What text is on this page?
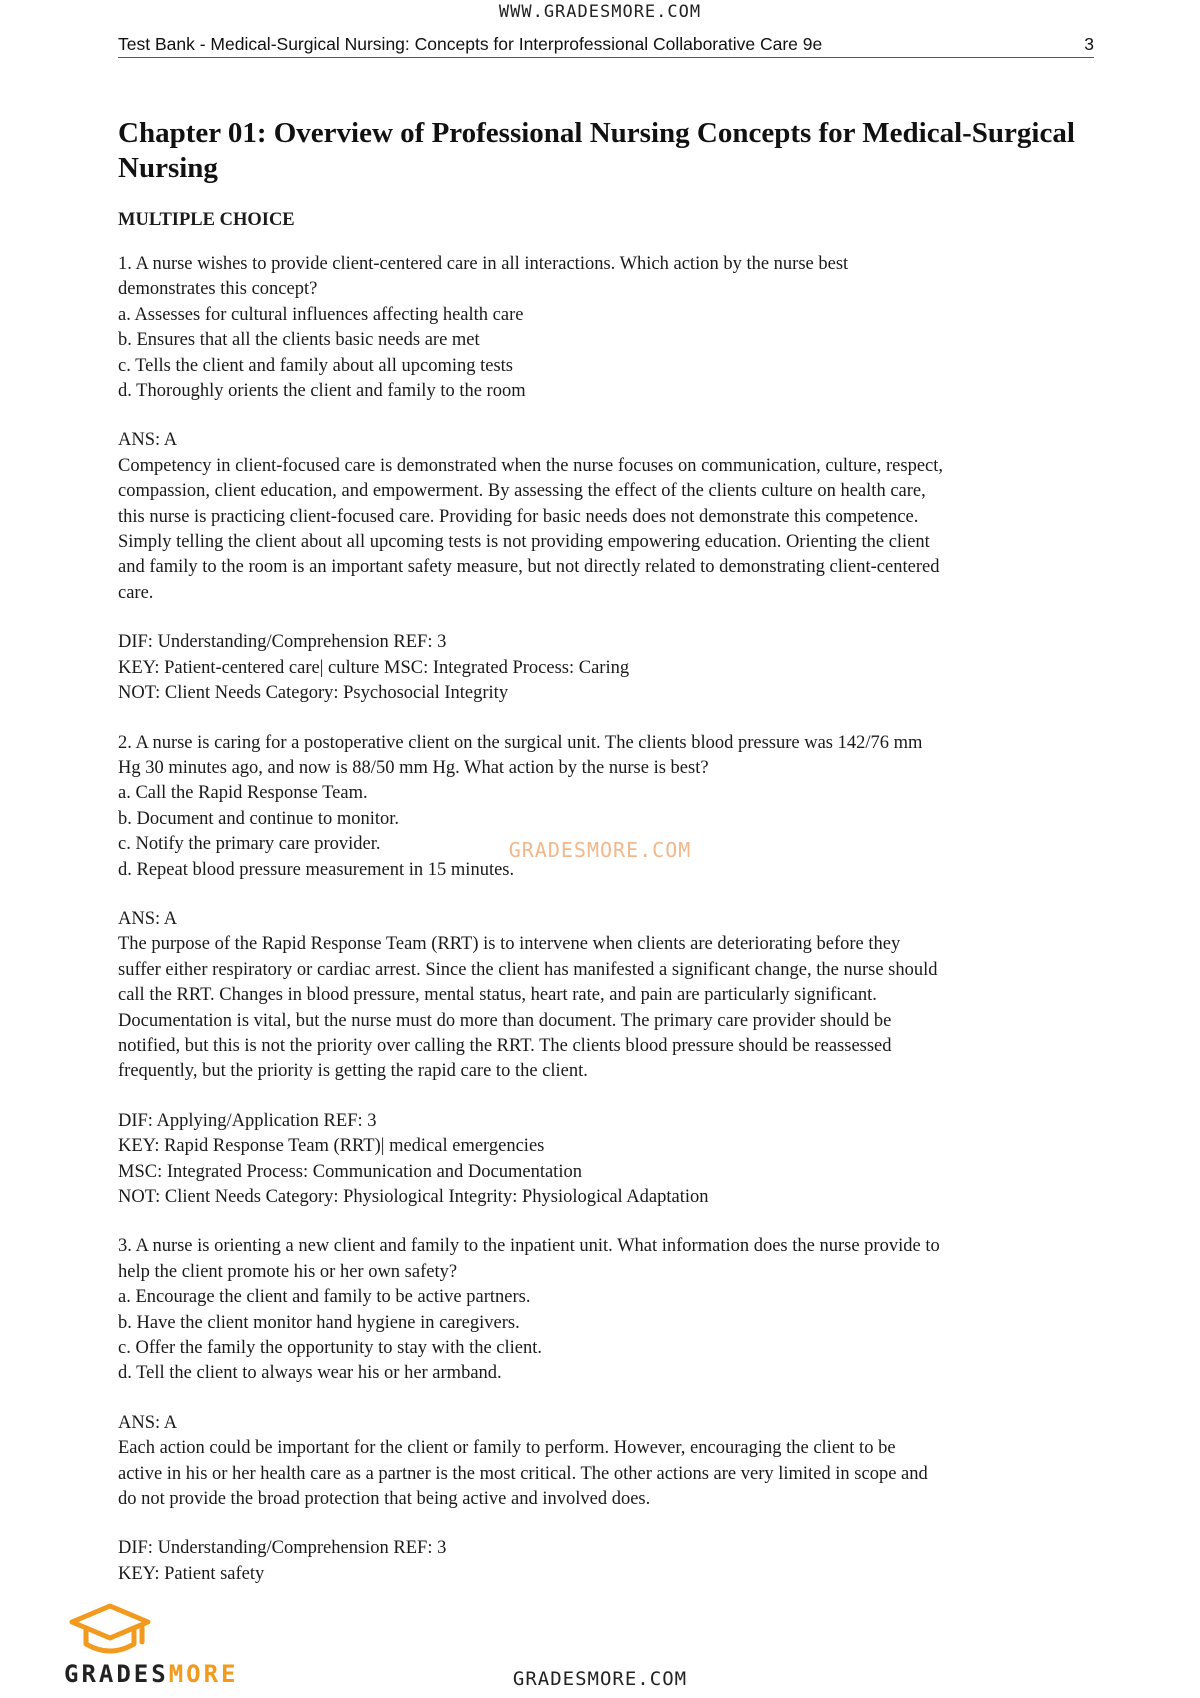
WWW.GRADESMORE.COM
Test Bank - Medical-Surgical Nursing: Concepts for Interprofessional Collaborative Care 9e	3
Chapter 01: Overview of Professional Nursing Concepts for Medical-Surgical Nursing
MULTIPLE CHOICE
1. A nurse wishes to provide client-centered care in all interactions. Which action by the nurse best
demonstrates this concept?
a. Assesses for cultural influences affecting health care
b. Ensures that all the clients basic needs are met
c. Tells the client and family about all upcoming tests
d. Thoroughly orients the client and family to the room
ANS: A
Competency in client-focused care is demonstrated when the nurse focuses on communication, culture, respect,
compassion, client education, and empowerment. By assessing the effect of the clients culture on health care,
this nurse is practicing client-focused care. Providing for basic needs does not demonstrate this competence.
Simply telling the client about all upcoming tests is not providing empowering education. Orienting the client
and family to the room is an important safety measure, but not directly related to demonstrating client-centered
care.
DIF: Understanding/Comprehension REF: 3
KEY: Patient-centered care| culture MSC: Integrated Process: Caring
NOT: Client Needs Category: Psychosocial Integrity
2. A nurse is caring for a postoperative client on the surgical unit. The clients blood pressure was 142/76 mm
Hg 30 minutes ago, and now is 88/50 mm Hg. What action by the nurse is best?
a. Call the Rapid Response Team.
b. Document and continue to monitor.
c. Notify the primary care provider.
d. Repeat blood pressure measurement in 15 minutes.
ANS: A
The purpose of the Rapid Response Team (RRT) is to intervene when clients are deteriorating before they
suffer either respiratory or cardiac arrest. Since the client has manifested a significant change, the nurse should
call the RRT. Changes in blood pressure, mental status, heart rate, and pain are particularly significant.
Documentation is vital, but the nurse must do more than document. The primary care provider should be
notified, but this is not the priority over calling the RRT. The clients blood pressure should be reassessed
frequently, but the priority is getting the rapid care to the client.
DIF: Applying/Application REF: 3
KEY: Rapid Response Team (RRT)| medical emergencies
MSC: Integrated Process: Communication and Documentation
NOT: Client Needs Category: Physiological Integrity: Physiological Adaptation
3. A nurse is orienting a new client and family to the inpatient unit. What information does the nurse provide to
help the client promote his or her own safety?
a. Encourage the client and family to be active partners.
b. Have the client monitor hand hygiene in caregivers.
c. Offer the family the opportunity to stay with the client.
d. Tell the client to always wear his or her armband.
ANS: A
Each action could be important for the client or family to perform. However, encouraging the client to be
active in his or her health care as a partner is the most critical. The other actions are very limited in scope and
do not provide the broad protection that being active and involved does.
DIF: Understanding/Comprehension REF: 3
KEY: Patient safety
GRADESMORE.COM
GRADESMORE	GRADESMORE.COM
